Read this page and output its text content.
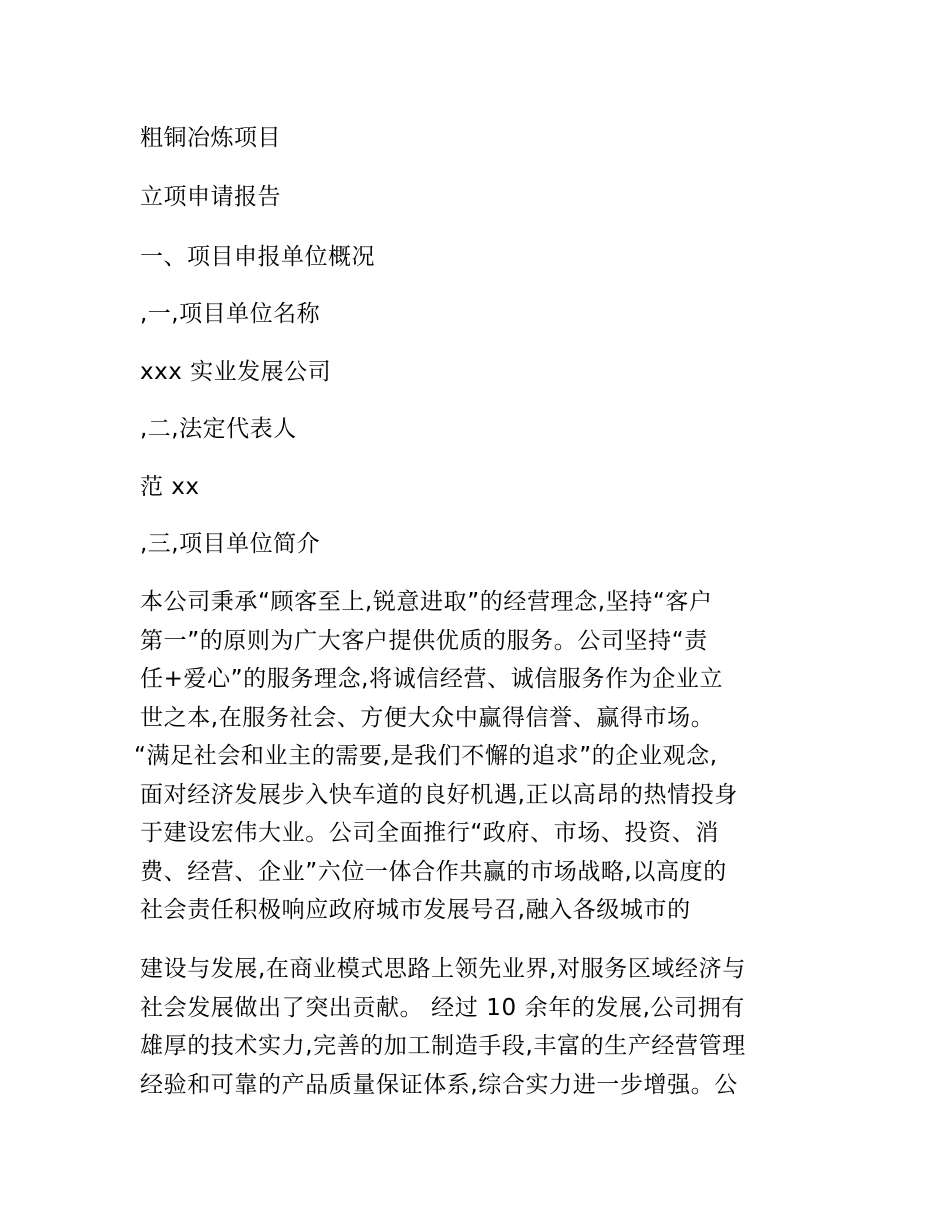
粗铜冶炼项目
立项申请报告
一、项目申报单位概况
,一,项目单位名称
xxx 实业发展公司
,二,法定代表人
范 xx
,三,项目单位简介
本公司秉承“顾客至上,锐意进取”的经营理念,坚持“客户
第一”的原则为广大客户提供优质的服务。公司坚持“责
任+爱心”的服务理念,将诚信经营、诚信服务作为企业立
世之本,在服务社会、方便大众中赢得信誉、赢得市场。
“满足社会和业主的需要,是我们不懈的追求”的企业观念,
面对经济发展步入快车道的良好机遇,正以高昂的热情投身
于建设宏伟大业。公司全面推行“政府、市场、投资、消
费、经营、企业”六位一体合作共赢的市场战略,以高度的
社会责任积极响应政府城市发展号召,融入各级城市的
建设与发展,在商业模式思路上领先业界,对服务区域经济与
社会发展做出了突出贡献。 经过 10 余年的发展,公司拥有
雄厚的技术实力,完善的加工制造手段,丰富的生产经营管理
经验和可靠的产品质量保证体系,综合实力进一步增强。公
